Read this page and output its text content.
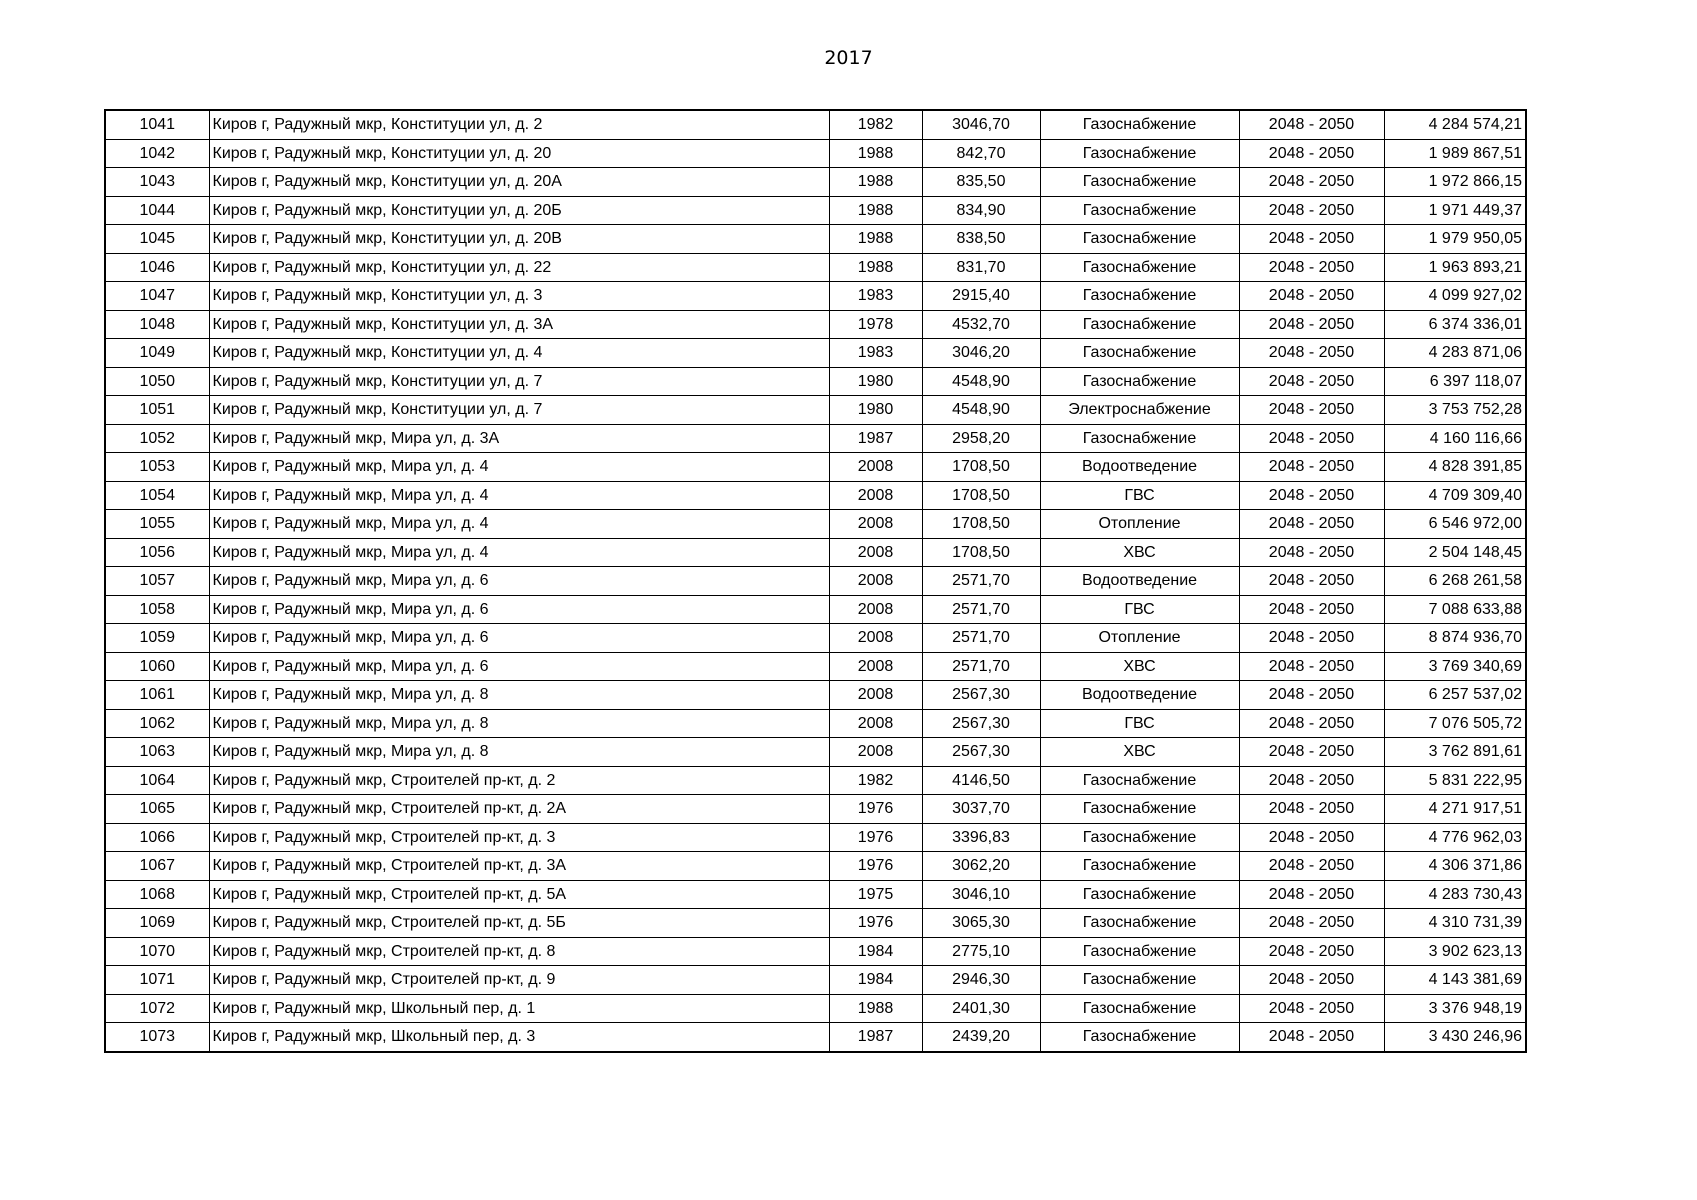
2017
1041	Киров г, Радужный мкр, Конституции ул, д. 2	1982	3046,70	Газоснабжение	2048 - 2050	4 284 574,21
1042	Киров г, Радужный мкр, Конституции ул, д. 20	1988	842,70	Газоснабжение	2048 - 2050	1 989 867,51
1043	Киров г, Радужный мкр, Конституции ул, д. 20А	1988	835,50	Газоснабжение	2048 - 2050	1 972 866,15
1044	Киров г, Радужный мкр, Конституции ул, д. 20Б	1988	834,90	Газоснабжение	2048 - 2050	1 971 449,37
1045	Киров г, Радужный мкр, Конституции ул, д. 20В	1988	838,50	Газоснабжение	2048 - 2050	1 979 950,05
1046	Киров г, Радужный мкр, Конституции ул, д. 22	1988	831,70	Газоснабжение	2048 - 2050	1 963 893,21
1047	Киров г, Радужный мкр, Конституции ул, д. 3	1983	2915,40	Газоснабжение	2048 - 2050	4 099 927,02
1048	Киров г, Радужный мкр, Конституции ул, д. 3А	1978	4532,70	Газоснабжение	2048 - 2050	6 374 336,01
1049	Киров г, Радужный мкр, Конституции ул, д. 4	1983	3046,20	Газоснабжение	2048 - 2050	4 283 871,06
1050	Киров г, Радужный мкр, Конституции ул, д. 7	1980	4548,90	Газоснабжение	2048 - 2050	6 397 118,07
1051	Киров г, Радужный мкр, Конституции ул, д. 7	1980	4548,90	Электроснабжение	2048 - 2050	3 753 752,28
1052	Киров г, Радужный мкр, Мира ул, д. 3А	1987	2958,20	Газоснабжение	2048 - 2050	4 160 116,66
1053	Киров г, Радужный мкр, Мира ул, д. 4	2008	1708,50	Водоотведение	2048 - 2050	4 828 391,85
1054	Киров г, Радужный мкр, Мира ул, д. 4	2008	1708,50	ГВС	2048 - 2050	4 709 309,40
1055	Киров г, Радужный мкр, Мира ул, д. 4	2008	1708,50	Отопление	2048 - 2050	6 546 972,00
1056	Киров г, Радужный мкр, Мира ул, д. 4	2008	1708,50	ХВС	2048 - 2050	2 504 148,45
1057	Киров г, Радужный мкр, Мира ул, д. 6	2008	2571,70	Водоотведение	2048 - 2050	6 268 261,58
1058	Киров г, Радужный мкр, Мира ул, д. 6	2008	2571,70	ГВС	2048 - 2050	7 088 633,88
1059	Киров г, Радужный мкр, Мира ул, д. 6	2008	2571,70	Отопление	2048 - 2050	8 874 936,70
1060	Киров г, Радужный мкр, Мира ул, д. 6	2008	2571,70	ХВС	2048 - 2050	3 769 340,69
1061	Киров г, Радужный мкр, Мира ул, д. 8	2008	2567,30	Водоотведение	2048 - 2050	6 257 537,02
1062	Киров г, Радужный мкр, Мира ул, д. 8	2008	2567,30	ГВС	2048 - 2050	7 076 505,72
1063	Киров г, Радужный мкр, Мира ул, д. 8	2008	2567,30	ХВС	2048 - 2050	3 762 891,61
1064	Киров г, Радужный мкр, Строителей пр-кт, д. 2	1982	4146,50	Газоснабжение	2048 - 2050	5 831 222,95
1065	Киров г, Радужный мкр, Строителей пр-кт, д. 2А	1976	3037,70	Газоснабжение	2048 - 2050	4 271 917,51
1066	Киров г, Радужный мкр, Строителей пр-кт, д. 3	1976	3396,83	Газоснабжение	2048 - 2050	4 776 962,03
1067	Киров г, Радужный мкр, Строителей пр-кт, д. 3А	1976	3062,20	Газоснабжение	2048 - 2050	4 306 371,86
1068	Киров г, Радужный мкр, Строителей пр-кт, д. 5А	1975	3046,10	Газоснабжение	2048 - 2050	4 283 730,43
1069	Киров г, Радужный мкр, Строителей пр-кт, д. 5Б	1976	3065,30	Газоснабжение	2048 - 2050	4 310 731,39
1070	Киров г, Радужный мкр, Строителей пр-кт, д. 8	1984	2775,10	Газоснабжение	2048 - 2050	3 902 623,13
1071	Киров г, Радужный мкр, Строителей пр-кт, д. 9	1984	2946,30	Газоснабжение	2048 - 2050	4 143 381,69
1072	Киров г, Радужный мкр, Школьный пер, д. 1	1988	2401,30	Газоснабжение	2048 - 2050	3 376 948,19
1073	Киров г, Радужный мкр, Школьный пер, д. 3	1987	2439,20	Газоснабжение	2048 - 2050	3 430 246,96
